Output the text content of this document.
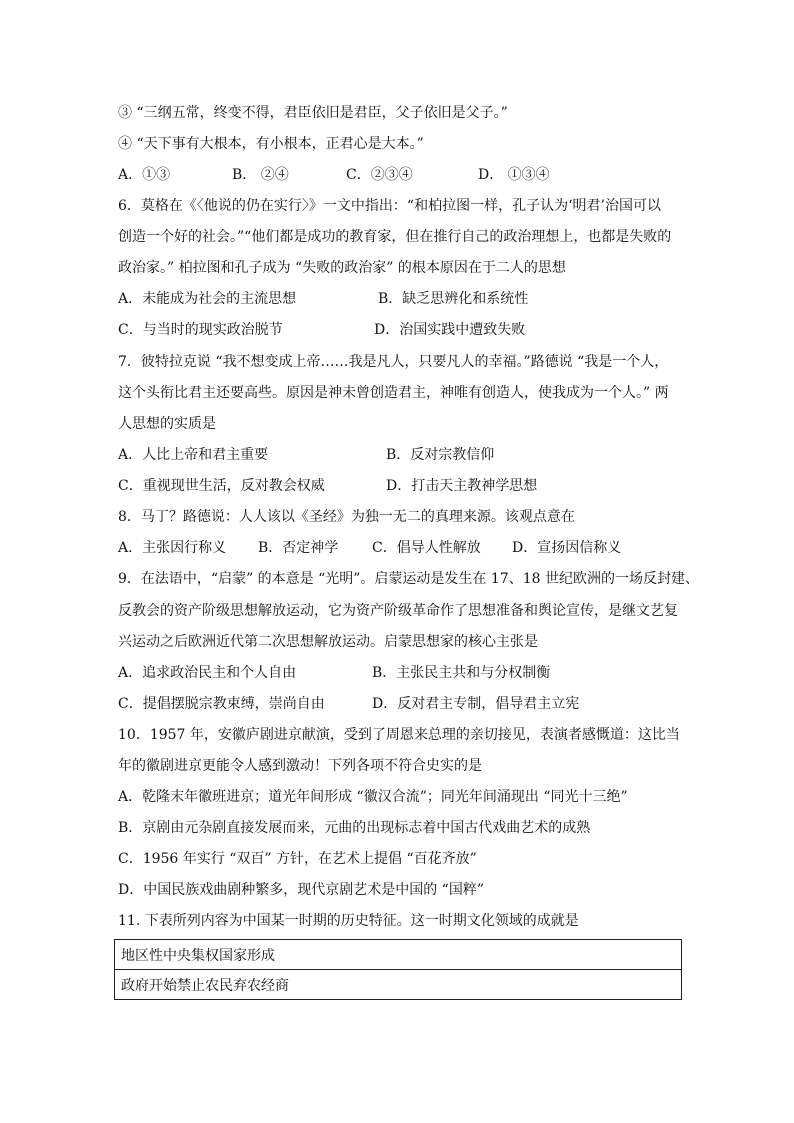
③ “三纲五常，终变不得，君臣依旧是君臣，父子依旧是父子。”
④ “天下事有大根本，有小根本，正君心是大本。”
A．①③	B． ②④	C．②③④	D． ①③④
6．莫格在《〈他说的仍在实行〉》一文中指出：“和柏拉图一样，孔子认为‘明君’治国可以
创造一个好的社会。”“他们都是成功的教育家，但在推行自己的政治理想上，也都是失败的
政治家。” 柏拉图和孔子成为 “失败的政治家” 的根本原因在于二人的思想
A．未能成为社会的主流思想	B．缺乏思辨化和系统性
C．与当时的现实政治脱节	D．治国实践中遭致失败
7．彼特拉克说 “我不想变成上帝……我是凡人，只要凡人的幸福。”路德说 “我是一个人，
这个头衔比君主还要高些。原因是神未曾创造君主，神唯有创造人，使我成为一个人。” 两
人思想的实质是
A．人比上帝和君主重要	B．反对宗教信仰
C．重视现世生活，反对教会权威	D．打击天主教神学思想
8．马丁？路德说：人人该以《圣经》为独一无二的真理来源。该观点意在
A．主张因行称义 B．否定神学 C．倡导人性解放 D．宣扬因信称义
9．在法语中，“启蒙” 的本意是 “光明”。启蒙运动是发生在 17、18 世纪欧洲的一场反封建、
反教会的资产阶级思想解放运动，它为资产阶级革命作了思想准备和舆论宣传，是继文艺复
兴运动之后欧洲近代第二次思想解放运动。启蒙思想家的核心主张是
A．追求政治民主和个人自由	B．主张民主共和与分权制衡
C．提倡摆脱宗教束缚，崇尚自由	D．反对君主专制，倡导君主立宪
10．1957 年，安徽庐剧进京献演，受到了周恩来总理的亲切接见，表演者感慨道：这比当
年的徽剧进京更能令人感到激动！下列各项不符合史实的是
A．乾隆末年徽班进京；道光年间形成 “徽汉合流”；同光年间涌现出 “同光十三绝”
B．京剧由元杂剧直接发展而来，元曲的出现标志着中国古代戏曲艺术的成熟
C．1956 年实行 “双百” 方针，在艺术上提倡 “百花齐放”
D．中国民族戏曲剧种繁多，现代京剧艺术是中国的 “国粹”
11. 下表所列内容为中国某一时期的历史特征。这一时期文化领域的成就是
地区性中央集权国家形成
政府开始禁止农民弃农经商
